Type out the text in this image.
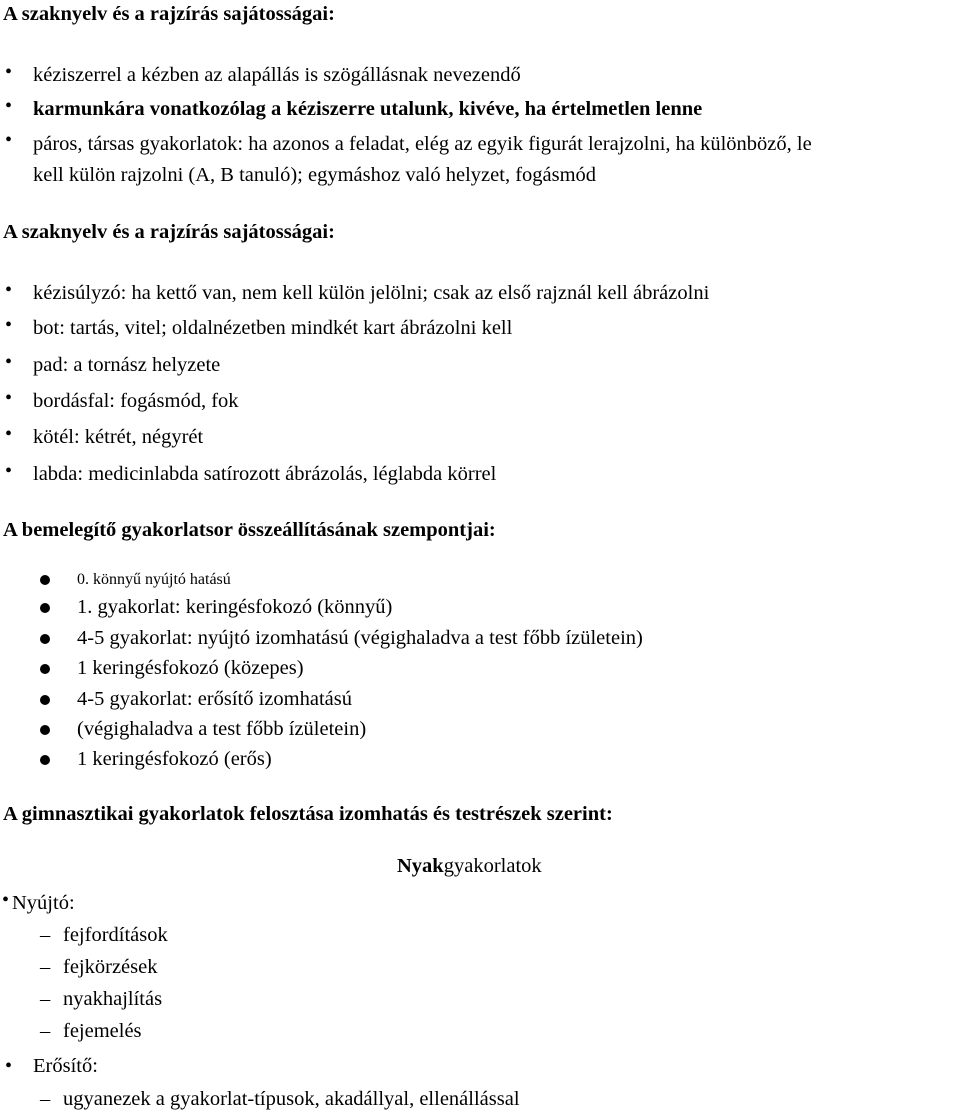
A szaknyelv és a rajzírás sajátosságai:
• kéziszerrel a kézben az alapállás is szögállásnak nevezendő
• karmunkára vonatkozólag a kéziszerre utalunk, kivéve, ha értelmetlen lenne
• páros, társas gyakorlatok: ha azonos a feladat, elég az egyik figurát lerajzolni, ha különböző, le
kell külön rajzolni (A, B tanuló); egymáshoz való helyzet, fogásmód
A szaknyelv és a rajzírás sajátosságai:
• kézisúlyzó: ha kettő van, nem kell külön jelölni; csak az első rajznál kell ábrázolni
• bot: tartás, vitel; oldalnézetben mindkét kart ábrázolni kell
• pad: a tornász helyzete
• bordásfal: fogásmód, fok
• kötél: kétrét, négyrét
• labda: medicinlabda satírozott ábrázolás, léglabda körrel
A bemelegítő gyakorlatsor összeállításának szempontjai:
0. könnyű nyújtó hatású
1. gyakorlat: keringésfokozó (könnyű)
4-5 gyakorlat: nyújtó izomhatású (végighaladva a test főbb ízületein)
1 keringésfokozó (közepes)
4-5 gyakorlat: erősítő izomhatású
(végighaladva a test főbb ízületein)
1 keringésfokozó (erős)
A gimnasztikai gyakorlatok felosztása izomhatás és testrészek szerint:
Nyakgyakorlatok
• Nyújtó:
– fejfordítások
– fejkörzések
– nyakhajlítás
– fejemelés
• Erősítő:
– ugyanezek a gyakorlat-típusok, akadállyal, ellenállással
